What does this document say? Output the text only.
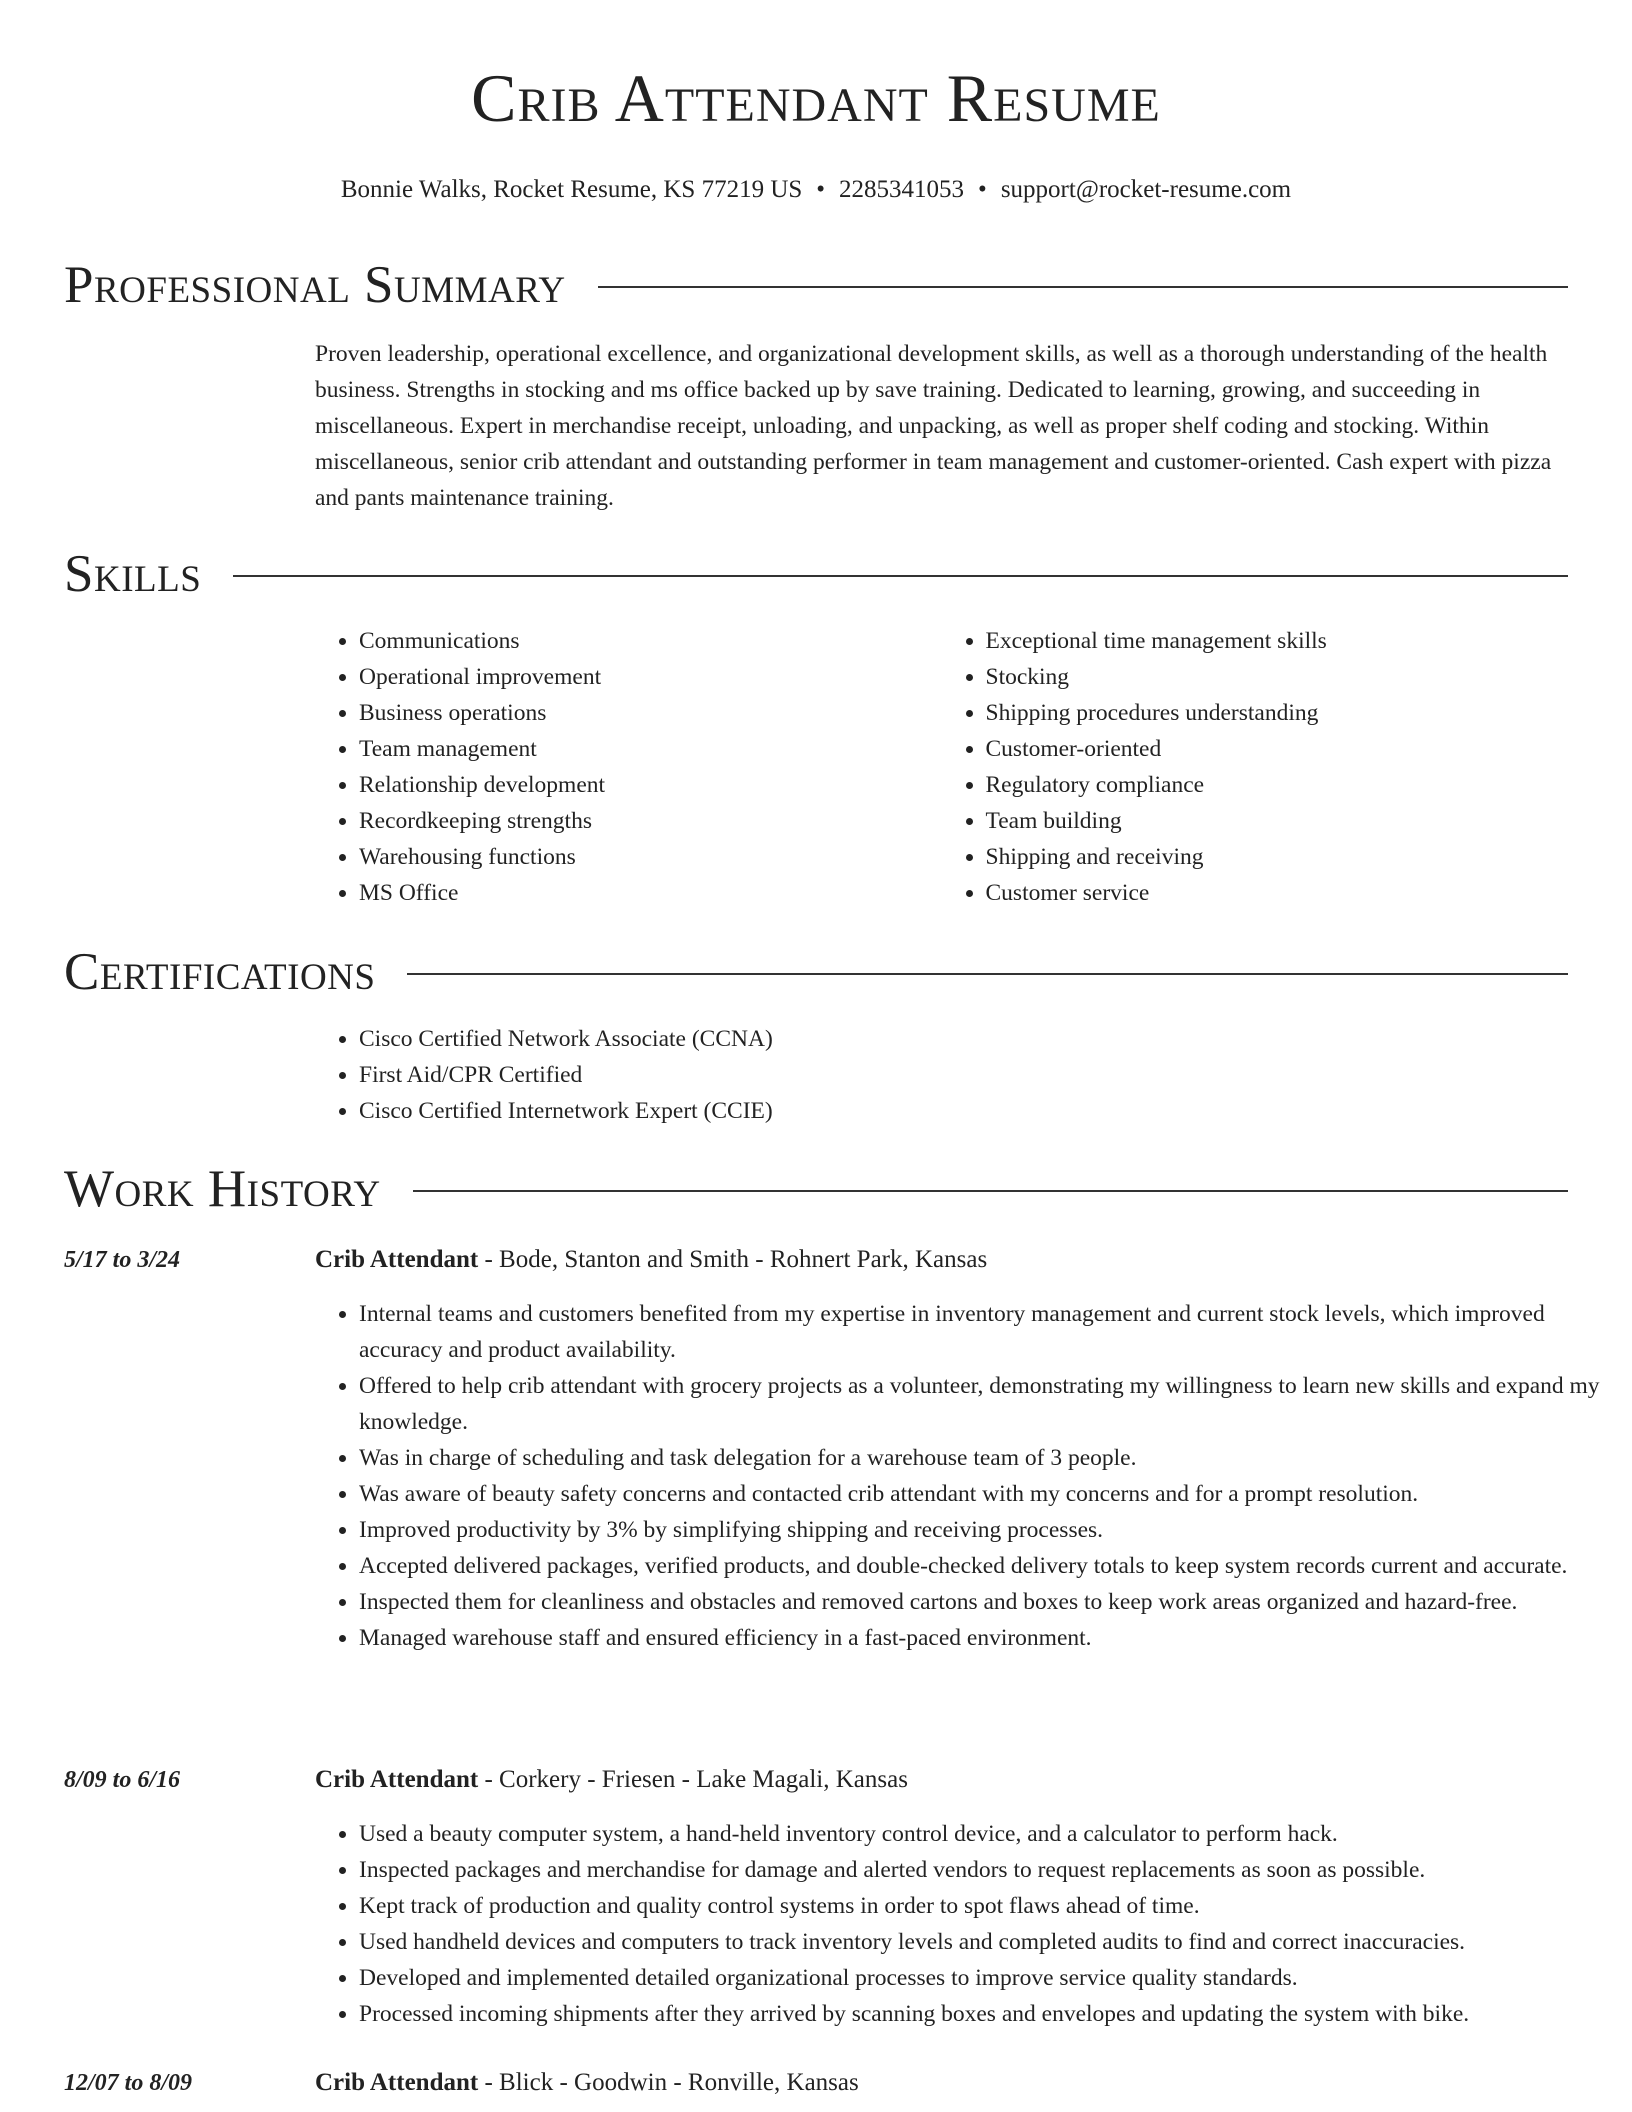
Crib Attendant Resume
Bonnie Walks, Rocket Resume, KS 77219 US • 2285341053 • support@rocket-resume.com
Professional Summary

Proven leadership, operational excellence, and organizational development skills, as well as a thorough understanding of the health business. Strengths in stocking and ms office backed up by save training. Dedicated to learning, growing, and succeeding in miscellaneous. Expert in merchandise receipt, unloading, and unpacking, as well as proper shelf coding and stocking. Within miscellaneous, senior crib attendant and outstanding performer in team management and customer-oriented. Cash expert with pizza and pants maintenance training.

Skills
• Communications
• Operational improvement
• Business operations
• Team management
• Relationship development
• Recordkeeping strengths
• Warehousing functions
• MS Office
• Exceptional time management skills
• Stocking
• Shipping procedures understanding
• Customer-oriented
• Regulatory compliance
• Team building
• Shipping and receiving
• Customer service
Certifications
• Cisco Certified Network Associate (CCNA)
• First Aid/CPR Certified
• Cisco Certified Internetwork Expert (CCIE)
Work History
5/17 to 3/24	Crib Attendant - Bode, Stanton and Smith - Rohnert Park, Kansas
• Internal teams and customers benefited from my expertise in inventory management and current stock levels, which improved accuracy and product availability.
• Offered to help crib attendant with grocery projects as a volunteer, demonstrating my willingness to learn new skills and expand my knowledge.
• Was in charge of scheduling and task delegation for a warehouse team of 3 people.
• Was aware of beauty safety concerns and contacted crib attendant with my concerns and for a prompt resolution.
• Improved productivity by 3% by simplifying shipping and receiving processes.
• Accepted delivered packages, verified products, and double-checked delivery totals to keep system records current and accurate.
• Inspected them for cleanliness and obstacles and removed cartons and boxes to keep work areas organized and hazard-free.
• Managed warehouse staff and ensured efficiency in a fast-paced environment.
8/09 to 6/16	Crib Attendant - Corkery - Friesen - Lake Magali, Kansas
• Used a beauty computer system, a hand-held inventory control device, and a calculator to perform hack.
• Inspected packages and merchandise for damage and alerted vendors to request replacements as soon as possible.
• Kept track of production and quality control systems in order to spot flaws ahead of time.
• Used handheld devices and computers to track inventory levels and completed audits to find and correct inaccuracies.
• Developed and implemented detailed organizational processes to improve service quality standards.
• Processed incoming shipments after they arrived by scanning boxes and envelopes and updating the system with bike.
12/07 to 8/09	Crib Attendant - Blick - Goodwin - Ronville, Kansas
